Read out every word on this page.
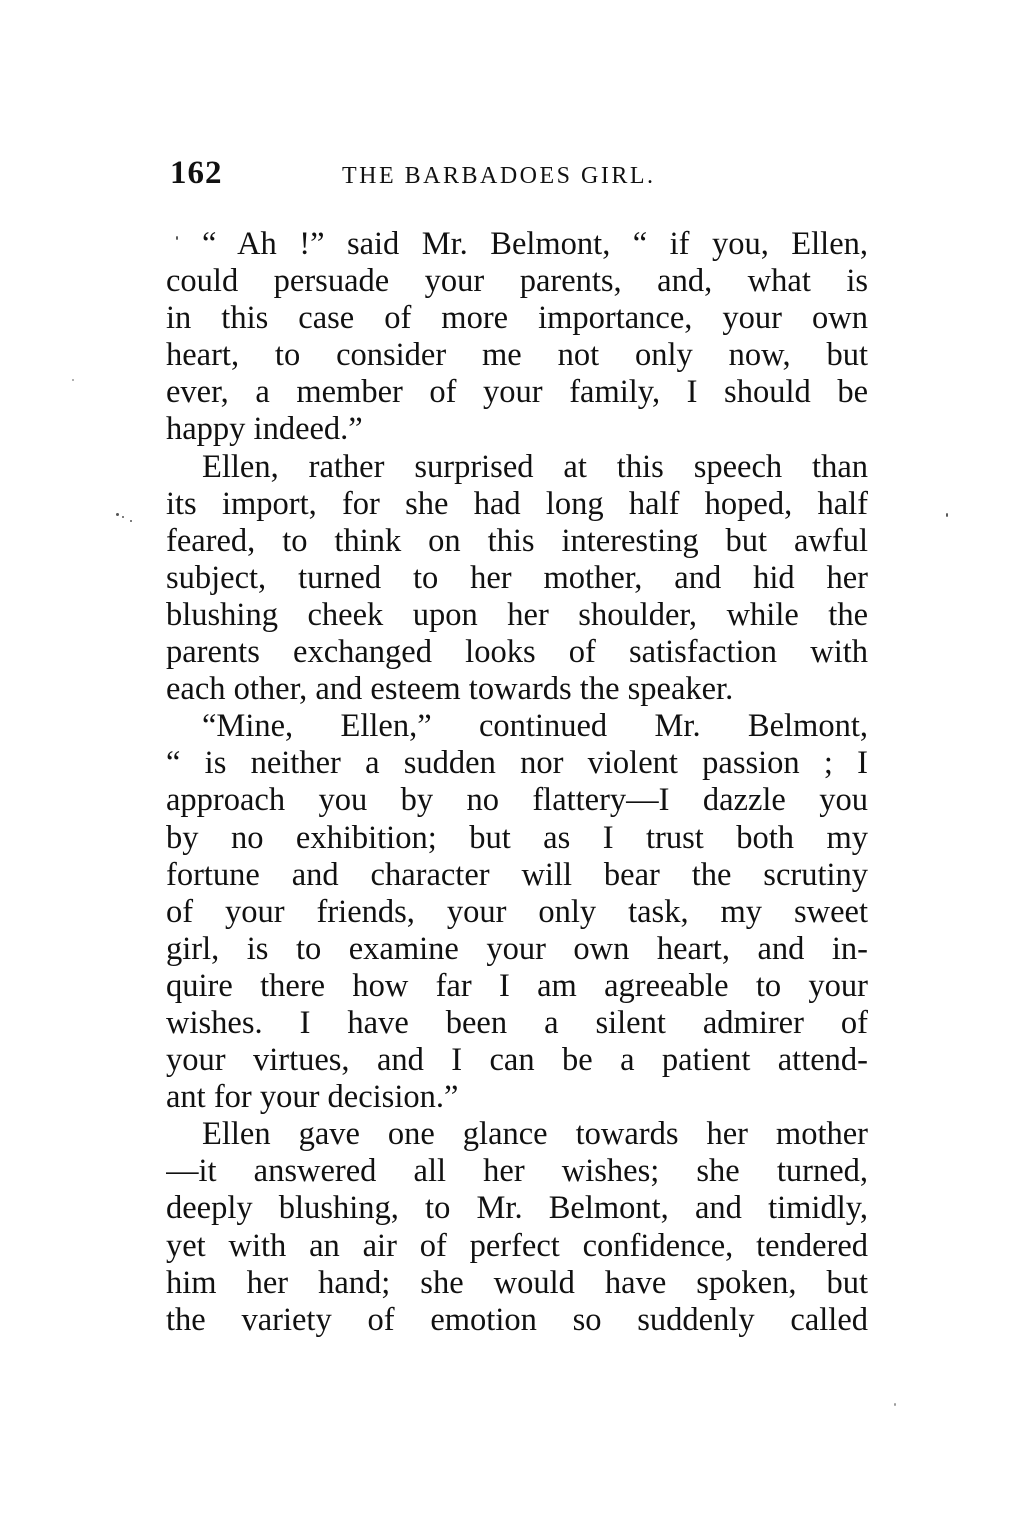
162	THE BARBADOES GIRL.
“ Ah !” said Mr. Belmont, “ if you, Ellen,
could persuade your parents, and, what is
in this case of more importance, your own
heart, to consider me not only now, but
ever, a member of your family, I should be
happy indeed.”
Ellen, rather surprised at this speech than
its import, for she had long half hoped, half
feared, to think on this interesting but awful
subject, turned to her mother, and hid her
blushing cheek upon her shoulder, while the
parents exchanged looks of satisfaction with
each other, and esteem towards the speaker.
“Mine, Ellen,” continued Mr. Belmont,
“ is neither a sudden nor violent passion ; I
approach you by no flattery—I dazzle you
by no exhibition; but as I trust both my
fortune and character will bear the scrutiny
of your friends, your only task, my sweet
girl, is to examine your own heart, and in-
quire there how far I am agreeable to your
wishes. I have been a silent admirer of
your virtues, and I can be a patient attend-
ant for your decision.”
Ellen gave one glance towards her mother
—it answered all her wishes; she turned,
deeply blushing, to Mr. Belmont, and timidly,
yet with an air of perfect confidence, tendered
him her hand; she would have spoken, but
the variety of emotion so suddenly called
